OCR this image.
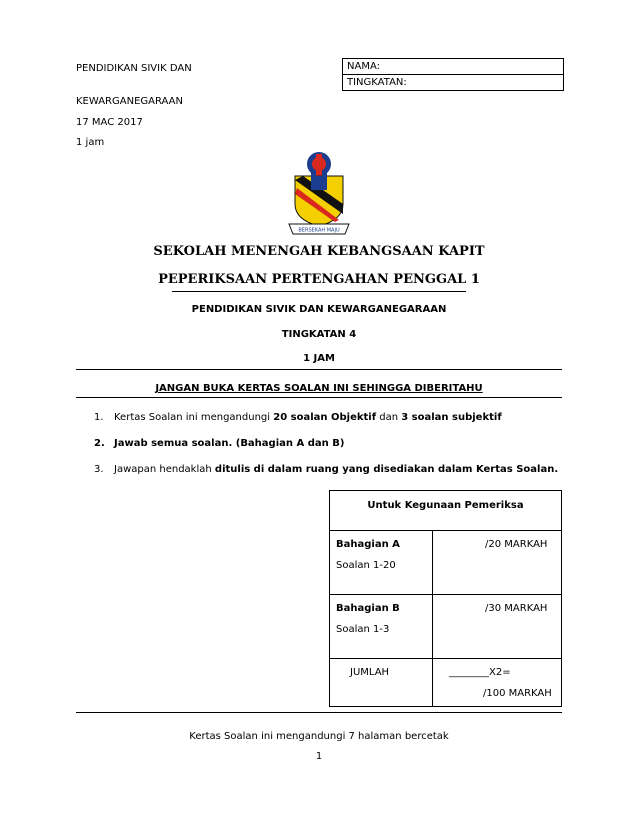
PENDIDIKAN SIVIK DAN
KEWARGANEGARAAN
17 MAC 2017
1 jam
NAMA:
TINGKATAN:
BERSEKAH MAJU
SEKOLAH MENENGAH KEBANGSAAN KAPIT
PEPERIKSAAN PERTENGAHAN PENGGAL 1
PENDIDIKAN SIVIK DAN KEWARGANEGARAAN
TINGKATAN 4
1 JAM
JANGAN BUKA KERTAS SOALAN INI SEHINGGA DIBERITAHU
1. Kertas Soalan ini mengandungi 20 soalan Objektif dan 3 soalan subjektif
2. Jawab semua soalan. (Bahagian A dan B)
3. Jawapan hendaklah ditulis di dalam ruang yang disediakan dalam Kertas Soalan.
Untuk Kegunaan Pemeriksa	

Bahagian A
Soalan 1-20	/20 MARKAH

Bahagian B
Soalan 1-3	/30 MARKAH

JUMLAH	________X2=
/100 MARKAH
Kertas Soalan ini mengandungi 7 halaman bercetak
1
